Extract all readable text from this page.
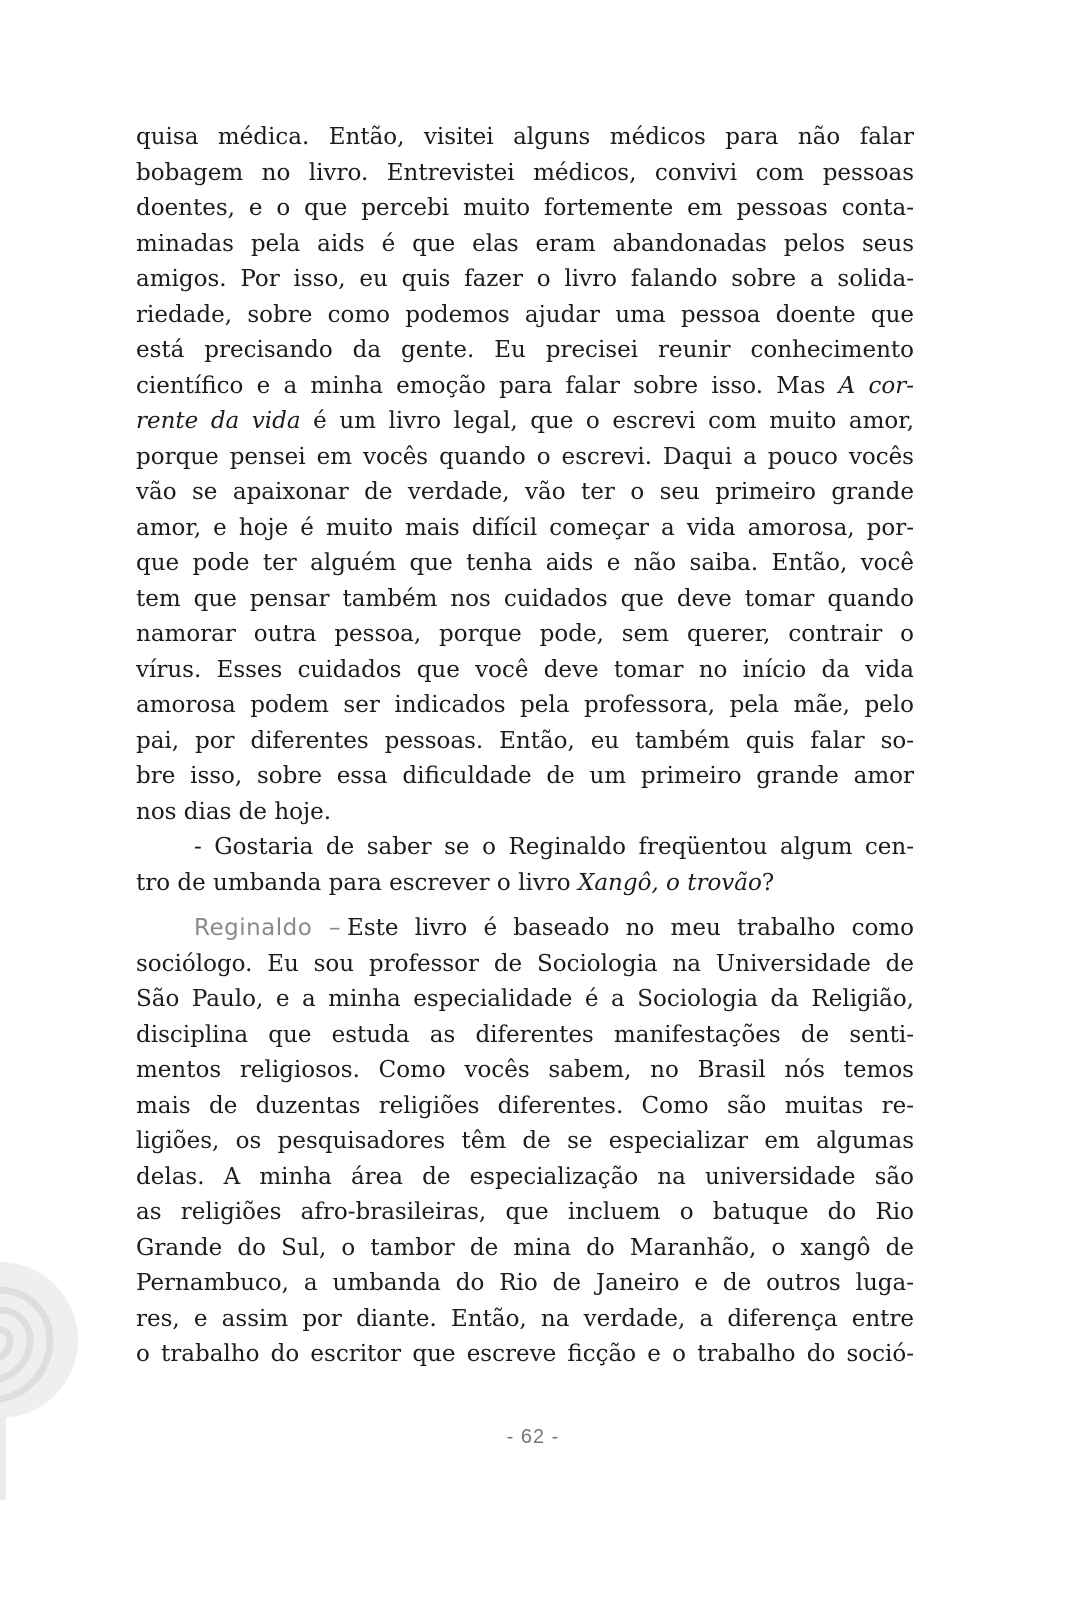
quisa médica. Então, visitei alguns médicos para não falar
bobagem no livro. Entrevistei médicos, convivi com pessoas
doentes, e o que percebi muito fortemente em pessoas conta-
minadas pela aids é que elas eram abandonadas pelos seus
amigos. Por isso, eu quis fazer o livro falando sobre a solida-
riedade, sobre como podemos ajudar uma pessoa doente que
está precisando da gente. Eu precisei reunir conhecimento
científico e a minha emoção para falar sobre isso. Mas A cor-
rente da vida é um livro legal, que o escrevi com muito amor,
porque pensei em vocês quando o escrevi. Daqui a pouco vocês
vão se apaixonar de verdade, vão ter o seu primeiro grande
amor, e hoje é muito mais difícil começar a vida amorosa, por-
que pode ter alguém que tenha aids e não saiba. Então, você
tem que pensar também nos cuidados que deve tomar quando
namorar outra pessoa, porque pode, sem querer, contrair o
vírus. Esses cuidados que você deve tomar no início da vida
amorosa podem ser indicados pela professora, pela mãe, pelo
pai, por diferentes pessoas. Então, eu também quis falar so-
bre isso, sobre essa dificuldade de um primeiro grande amor
nos dias de hoje.
- Gostaria de saber se o Reginaldo freqüentou algum cen-
tro de umbanda para escrever o livro Xangô, o trovão?
Reginaldo – Este livro é baseado no meu trabalho como
sociólogo. Eu sou professor de Sociologia na Universidade de
São Paulo, e a minha especialidade é a Sociologia da Religião,
disciplina que estuda as diferentes manifestações de senti-
mentos religiosos. Como vocês sabem, no Brasil nós temos
mais de duzentas religiões diferentes. Como são muitas re-
ligiões, os pesquisadores têm de se especializar em algumas
delas. A minha área de especialização na universidade são
as religiões afro-brasileiras, que incluem o batuque do Rio
Grande do Sul, o tambor de mina do Maranhão, o xangô de
Pernambuco, a umbanda do Rio de Janeiro e de outros luga-
res, e assim por diante. Então, na verdade, a diferença entre
o trabalho do escritor que escreve ficção e o trabalho do soció-
- 62 -
